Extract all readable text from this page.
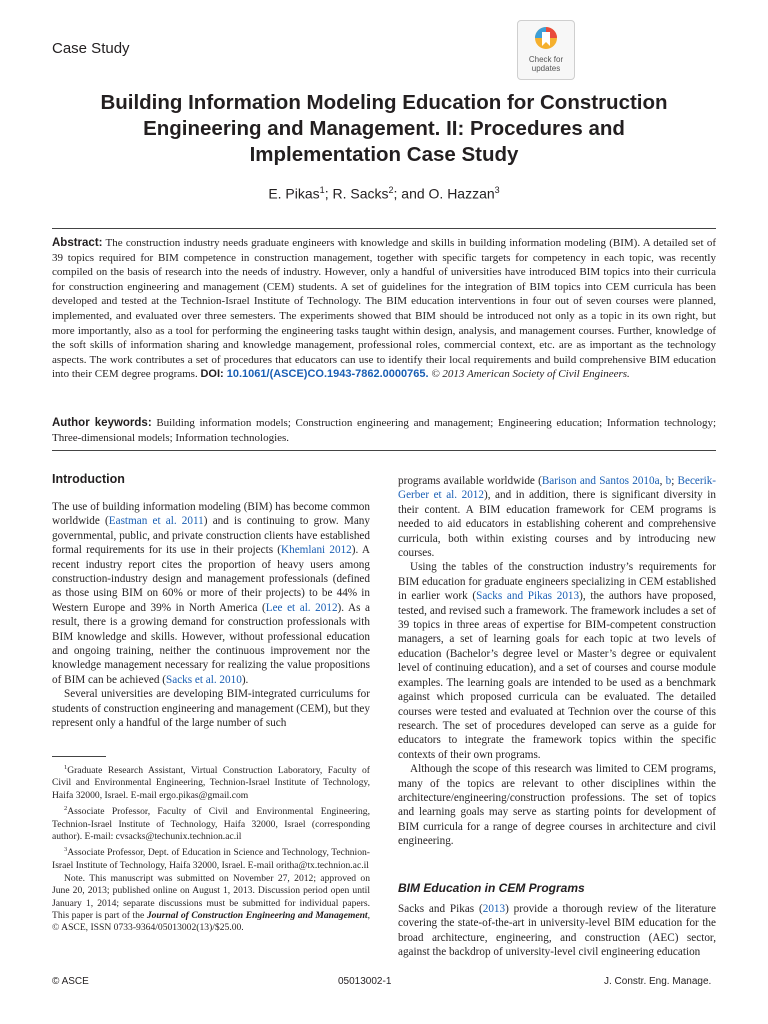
Case Study
Check for
updates
Building Information Modeling Education for Construction
Engineering and Management. II: Procedures and
Implementation Case Study
E. Pikas$^1$; R. Sacks$^2$; and O. Hazzan$^3$
Abstract: The construction industry needs graduate engineers with knowledge and skills in building information modeling (BIM). A detailed set of 39 topics required for BIM competence in construction management, together with specific targets for competency in each topic, was recently compiled on the basis of research into the needs of industry. However, only a handful of universities have introduced BIM topics into their curricula for construction engineering and management (CEM) students. A set of guidelines for the integration of BIM topics into CEM curricula has been developed and tested at the Technion-Israel Institute of Technology. The BIM education interventions in four out of seven courses were planned, implemented, and evaluated over three semesters. The experiments showed that BIM should be introduced not only as a topic in its own right, but more importantly, also as a tool for performing the engineering tasks taught within design, analysis, and management courses. Further, knowledge of the soft skills of information sharing and knowledge management, professional roles, commercial context, etc. are as important as the technology aspects. The work contributes a set of procedures that educators can use to identify their local requirements and build comprehensive BIM education into their CEM degree programs. DOI: 10.1061/(ASCE)CO.1943-7862.0000765. © 2013 American Society of Civil Engineers.
Author keywords: Building information models; Construction engineering and management; Engineering education; Information technology; Three-dimensional models; Information technologies.
Introduction

The use of building information modeling (BIM) has become common worldwide (Eastman et al. 2011) and is continuing to grow. Many governmental, public, and private construction clients have established formal requirements for its use in their projects (Khemlani 2012). A recent industry report cites the proportion of heavy users among construction-industry design and management professionals (defined as those using BIM on 60% or more of their projects) to be 44% in Western Europe and 39% in North America (Lee et al. 2012). As a result, there is a growing demand for construction professionals with BIM knowledge and skills. However, without professional education and ongoing training, neither the continuous improvement nor the knowledge management necessary for realizing the value propositions of BIM can be achieved (Sacks et al. 2010).

Several universities are developing BIM-integrated curriculums for students of construction engineering and management (CEM), but they represent only a handful of the large number of such

$^1$Graduate Research Assistant, Virtual Construction Laboratory, Faculty of Civil and Environmental Engineering, Technion-Israel Institute of Technology, Haifa 32000, Israel. E-mail ergo.pikas@gmail.com

$^2$Associate Professor, Faculty of Civil and Environmental Engineering, Technion-Israel Institute of Technology, Haifa 32000, Israel (corresponding author). E-mail: cvsacks@techunix.technion.ac.il

$^3$Associate Professor, Dept. of Education in Science and Technology, Technion-Israel Institute of Technology, Haifa 32000, Israel. E-mail oritha@tx.technion.ac.il

Note. This manuscript was submitted on November 27, 2012; approved on June 20, 2013; published online on August 1, 2013. Discussion period open until January 1, 2014; separate discussions must be submitted for individual papers. This paper is part of the Journal of Construction Engineering and Management, © ASCE, ISSN 0733-9364/05013002(13)/$25.00.

programs available worldwide (Barison and Santos 2010a, b; Becerik-Gerber et al. 2012), and in addition, there is significant diversity in their content. A BIM education framework for CEM programs is needed to aid educators in establishing coherent and comprehensive curricula, both within existing courses and by introducing new courses.

Using the tables of the construction industry’s requirements for BIM education for graduate engineers specializing in CEM established in earlier work (Sacks and Pikas 2013), the authors have proposed, tested, and revised such a framework. The framework includes a set of 39 topics in three areas of expertise for BIM-competent construction managers, a set of learning goals for each topic at two levels of education (Bachelor’s degree level or Master’s degree or equivalent level of continuing education), and a set of courses and course module examples. The learning goals are intended to be used as a benchmark against which proposed curricula can be evaluated. The detailed courses were tested and evaluated at Technion over the course of this research. The set of procedures developed can serve as a guide for educators to integrate the framework topics within the specific contexts of their own programs.

Although the scope of this research was limited to CEM programs, many of the topics are relevant to other disciplines within the architecture/engineering/construction professions. The set of topics and learning goals may serve as starting points for development of BIM curricula for a range of degree courses in architecture and civil engineering.

BIM Education in CEM Programs

Sacks and Pikas (2013) provide a thorough review of the literature covering the state-of-the-art in university-level BIM education for the broad architecture, engineering, and construction (AEC) sector, against the backdrop of university-level civil engineering education

© ASCE	05013002-1	J. Constr. Eng. Manage.
